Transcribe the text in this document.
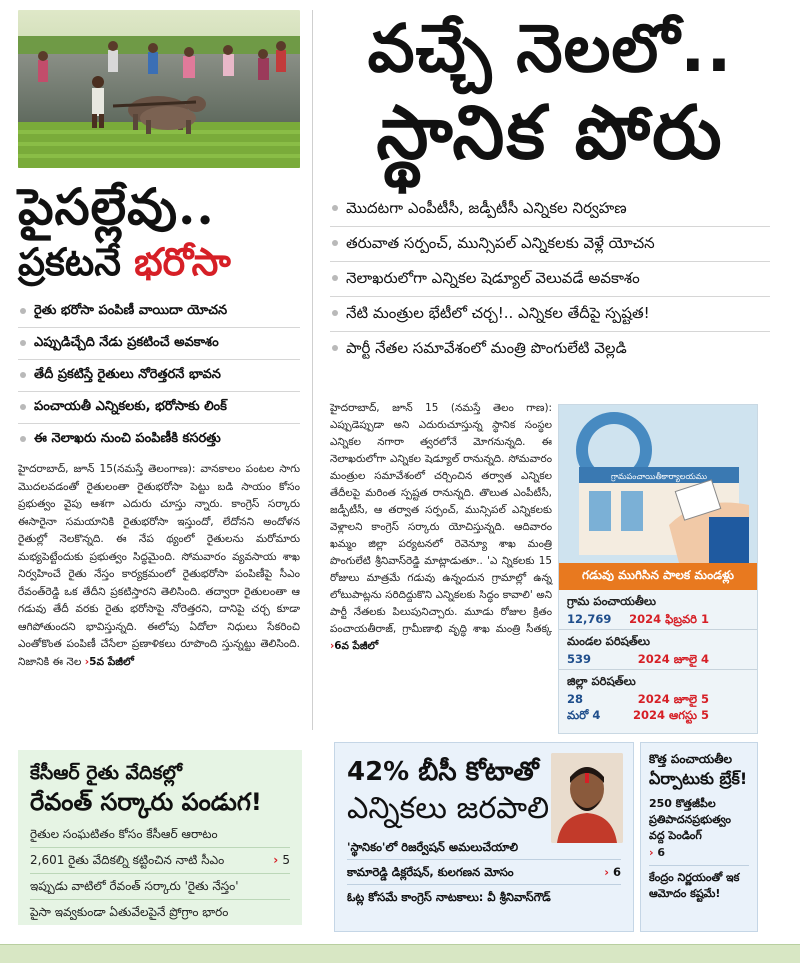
పైసల్లేవు..
ప్రకటనే భరోసా
రైతు భరోసా పంపిణీ వాయిదా యోచన
ఎప్పుడిచ్చేది నేడు ప్రకటించే అవకాశం
తేదీ ప్రకటిస్తే రైతులు నోరెత్తరనే భావన
పంచాయతీ ఎన్నికలకు, భరోసాకు లింక్
ఈ నెలాఖరు నుంచి పంపిణీకి కసరత్తు

హైదరాబాద్, జూన్ 15(నమస్తే తెలంగాణ): వానకాలం పంటల సాగు మొదలవడంతో రైతులంతా రైతుభరోసా పెట్టు బడి సాయం కోసం ప్రభుత్వం వైపు ఆశగా ఎదురు చూస్తు న్నారు. కాంగ్రెస్ సర్కారు ఈసారైనా సమయానికి రైతుభరోసా ఇస్తుందో, లేదోనని అందోళన రైతుల్లో నెలకొన్నది. ఈ నేప థ్యంలో రైతులను మరోమారు మభ్యపెట్టేందుకు ప్రభుత్వం సిద్ధమైంది. సోమవారం వ్యవసాయ శాఖ నిర్వహించే రైతు నేస్తం కార్యక్రమంలో రైతుభరోసా పంపిణీపై సీఎం రేవంత్‌రెడ్డి ఒక తేదీని ప్రకటిస్తారని తెలిసింది. తద్వారా రైతులంతా ఆ గడువు తేదీ వరకు రైతు భరోసాపై నోరెత్తరని, దానిపై చర్చ కూడా ఆగిపోతుందని భావిస్తున్నది. ఈలోపు ఏదోలా నిధులు సేకరించి ఎంతోకొంత పంపిణీ చేసేలా ప్రణాళికలు రూపొంది స్తున్నట్టు తెలిసింది. నిజానికి ఈ నెల ›5వ పేజీలో

వచ్చే నెలలో..
స్థానిక పోరు
మొదటగా ఎంపీటీసీ, జడ్పీటీసీ ఎన్నికల నిర్వహణ
తరువాత సర్పంచ్, మున్సిపల్ ఎన్నికలకు వెళ్లే యోచన
నెలాఖరులోగా ఎన్నికల షెడ్యూల్ వెలువడే అవకాశం
నేటి మంత్రుల భేటీలో చర్చ!.. ఎన్నికల తేదీపై స్పష్టత!
పార్టీ నేతల సమావేశంలో మంత్రి పొంగులేటి వెల్లడి

హైదరాబాద్, జూన్ 15 (నమస్తే తెలం గాణ): ఎప్పుడెప్పుడా అని ఎదురుచూస్తున్న స్థానిక సంస్థల ఎన్నికల నగారా త్వరలోనే మోగనున్నది. ఈ నెలాఖరులోగా ఎన్నికల షెడ్యూల్ రానున్నది. సోమవారం మంత్రుల సమావేశంలో చర్చించిన తర్వాత ఎన్నికల తేదీలపై మరింత స్పష్టత రానున్నది. తొలుత ఎంపీటీసీ, జడ్పీటీసీ, ఆ తర్వాత సర్పంచ్, మున్సిపల్ ఎన్నికలకు వెళ్లాలని కాంగ్రెస్ సర్కారు యోచిస్తున్నది. ఆదివారం ఖమ్మం జిల్లా పర్యటనలో రెవెన్యూ శాఖ మంత్రి పొంగులేటి శ్రీనివాస్‌రెడ్డి మాట్లాడుతూ.. 'ఎ న్నికలకు 15 రోజులు మాత్రమే గడువు ఉన్నందున గ్రామాల్లో ఉన్న లోటుపాట్లను సరిదిద్దుకొని ఎన్నికలకు సిద్ధం కావాలి' అని పార్టీ నేతలకు పిలుపునిచ్చారు. మూడు రోజుల క్రితం పంచాయతీరాజ్, గ్రామీణాభి వృద్ధి శాఖ మంత్రి సీతక్క ›6వ పేజీలో

గ్రామపంచాయితీకార్యాలయము
గడువు ముగిసిన పాలక మండళ్లు
గ్రామ పంచాయతీలు
12,769 2024 ఫిబ్రవరి 1
మండల పరిషత్‌లు
539	2024 జూలై 4
జిల్లా పరిషత్‌లు
28	2024 జూలై 5
మరో 4	2024 ఆగస్టు 5
కేసీఆర్ రైతు వేదికల్లో
రేవంత్ సర్కారు పండుగ!
రైతుల సంఘటితం కోసం కేసీఆర్ ఆరాటం
2,601 రైతు వేదికల్ని కట్టించిన నాటి సీఎం	› 5
ఇప్పుడు వాటిలో రేవంత్ సర్కారు 'రైతు నేస్తం'
పైసా ఇవ్వకుండా ఏతువేలపైనే ప్రోగ్రాం భారం
42% బీసీ కోటాతో
ఎన్నికలు జరపాలి
'స్థానికం'లో రిజర్వేషన్ అమలుచేయాలి
కామారెడ్డి డిక్లరేషన్, కులగణన మోసం	› 6
ఓట్ల కోసమే కాంగ్రెస్ నాటకాలు: వీ శ్రీనివాస్‌గౌడ్
కొత్త పంచాయతీల
ఏర్పాటుకు బ్రేక్!
250 కొత్తజీపీల ప్రతిపాదనప్రభుత్వం వద్ద పెండింగ్
› 6
కేంద్రం నిర్ణయంతో ఇక ఆమోదం కష్టమే!
